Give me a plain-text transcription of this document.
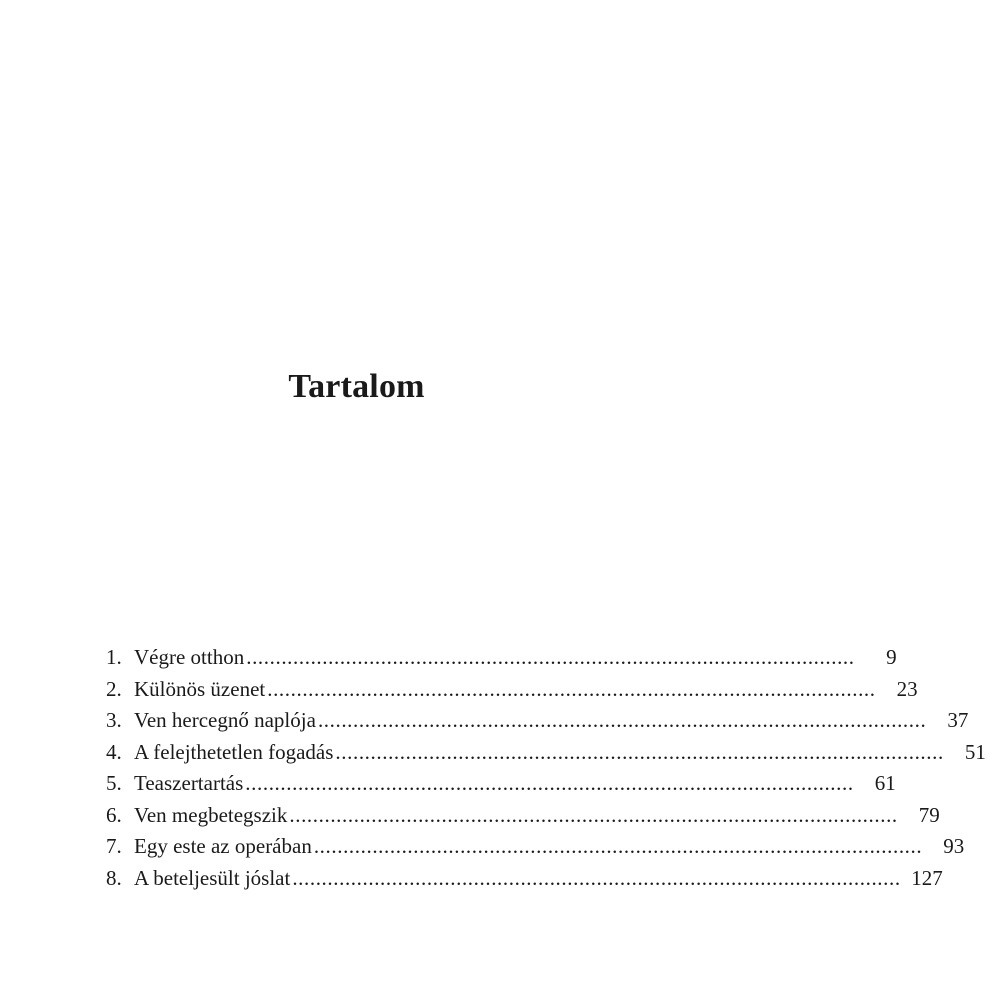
Tartalom
1. Végre otthon ........................................................................................................	9
2. Különös üzenet ........................................................................................................	23
3. Ven hercegnő naplója ........................................................................................................	37
4. A felejthetetlen fogadás ........................................................................................................	51
5. Teaszertartás ........................................................................................................	61
6. Ven megbetegszik ........................................................................................................	79
7. Egy este az operában ........................................................................................................	93
8. A beteljesült jóslat ........................................................................................................ 127
